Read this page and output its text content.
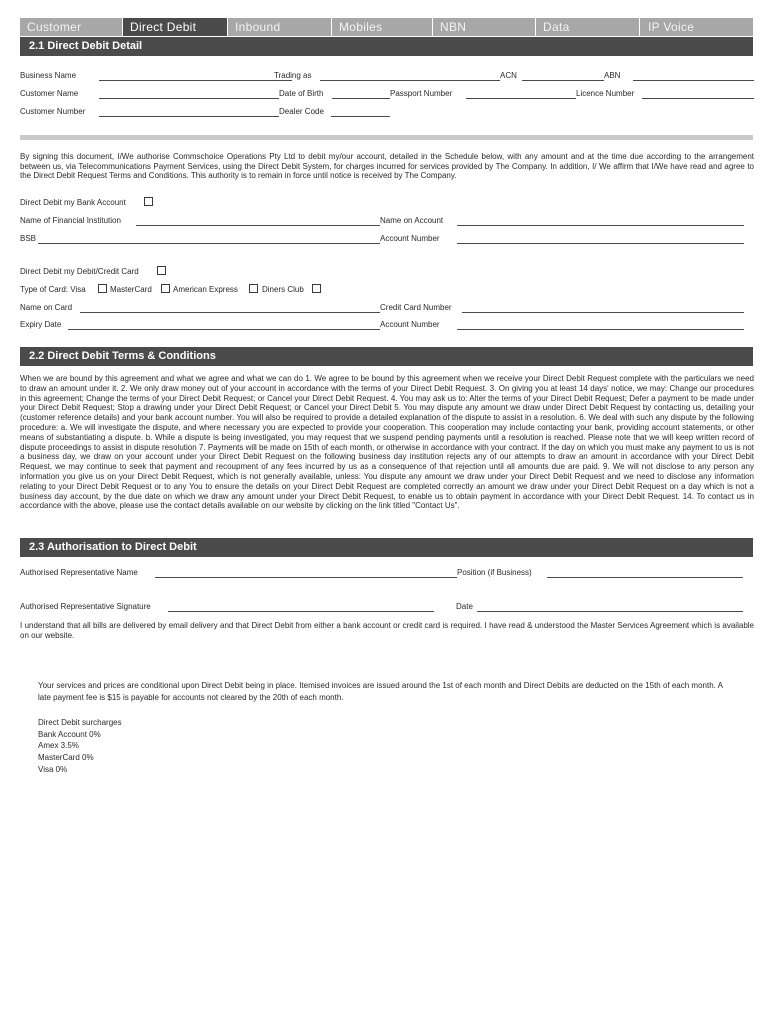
Customer	Direct Debit	Inbound	Mobiles	NBN	Data	IP Voice
2.1 Direct Debit Detail
Business Name	Trading as	ACN	ABN
Customer Name	Date of Birth	Passport Number	Licence Number
Customer Number	Dealer Code

By signing this document, I/We authorise Commschoice Operations Pty Ltd to debit my/our account, detailed in the Schedule below, with any amount and at the time due according to the arrangement between us, via Telecommunications Payment Services, using the Direct Debit System, for charges incurred for services provided by The Company. In addition, I/ We affirm that I/We have read and agree to the Direct Debit Request Terms and Conditions. This authority is to remain in force until notice is received by The Company.

Direct Debit my Bank Account
Name of Financial Institution	Name on Account
BSB	Account Number
Direct Debit my Debit/Credit Card
Type of Card: Visa	MasterCard	American Express	Diners Club
Name on Card	Credit Card Number
Expiry Date	Account Number
2.2 Direct Debit Terms & Conditions

When we are bound by this agreement and what we agree and what we can do 1. We agree to be bound by this agreement when we receive your Direct Debit Request complete with the particulars we need to draw an amount under it. 2. We only draw money out of your account in accordance with the terms of your Direct Debit Request. 3. On giving you at least 14 days' notice, we may: Change our procedures in this agreement; Change the terms of your Direct Debit Request; or Cancel your Direct Debit Request. 4. You may ask us to: Alter the terms of your Direct Debit Request; Defer a payment to be made under your Direct Debit Request; Stop a drawing under your Direct Debit Request; or Cancel your Direct Debit 5. You may dispute any amount we draw under Direct Debit Request by contacting us, detailing your (customer reference details) and your bank account number. You will also be required to provide a detailed explanation of the dispute to assist in a resolution. 6. We deal with such any dispute by the following procedure: a. We will investigate the dispute, and where necessary you are expected to provide your cooperation. This cooperation may include contacting your bank, providing account statements, or other means of substantiating a dispute. b. While a dispute is being investigated, you may request that we suspend pending payments until a resolution is reached. Please note that we will keep written record of dispute proceedings to assist in dispute resolution 7. Payments will be made on 15th of each month, or otherwise in accordance with your contract. If the day on which you must make any payment to us is not a business day, we draw on your account under your Direct Debit Request on the following business day institution rejects any of our attempts to draw an amount in accordance with your Direct Debit Request, we may continue to seek that payment and recoupment of any fees incurred by us as a consequence of that rejection until all amounts due are paid. 9. We will not disclose to any person any information you give us on your Direct Debit Request, which is not generally available, unless: You dispute any amount we draw under your Direct Debit Request and we need to disclose any information relating to your Direct Debit Request or to any You to ensure the details on your Direct Debit Request are completed correctly an amount we draw under your Direct Debit Request on a day which is not a business day account, by the due date on which we draw any amount under your Direct Debit Request, to enable us to obtain payment in accordance with your Direct Debit Request. 14. To contact us in accordance with the above, please use the contact details available on our website by clicking on the link titled "Contact Us".

2.3 Authorisation to Direct Debit
Authorised Representative Name	Position (if Business)
Authorised Representative Signature	Date

I understand that all bills are delivered by email delivery and that Direct Debit from either a bank account or credit card is required. I have read & understood the Master Services Agreement which is available on our website.

Your services and prices are conditional upon Direct Debit being in place. Itemised invoices are issued around the 1st of each month and Direct Debits are deducted on the 15th of each month. A late payment fee is $15 is payable for accounts not cleared by the 20th of each month.
Direct Debit surcharges
Bank Account 0%
Amex 3.5%
MasterCard 0%
Visa 0%
